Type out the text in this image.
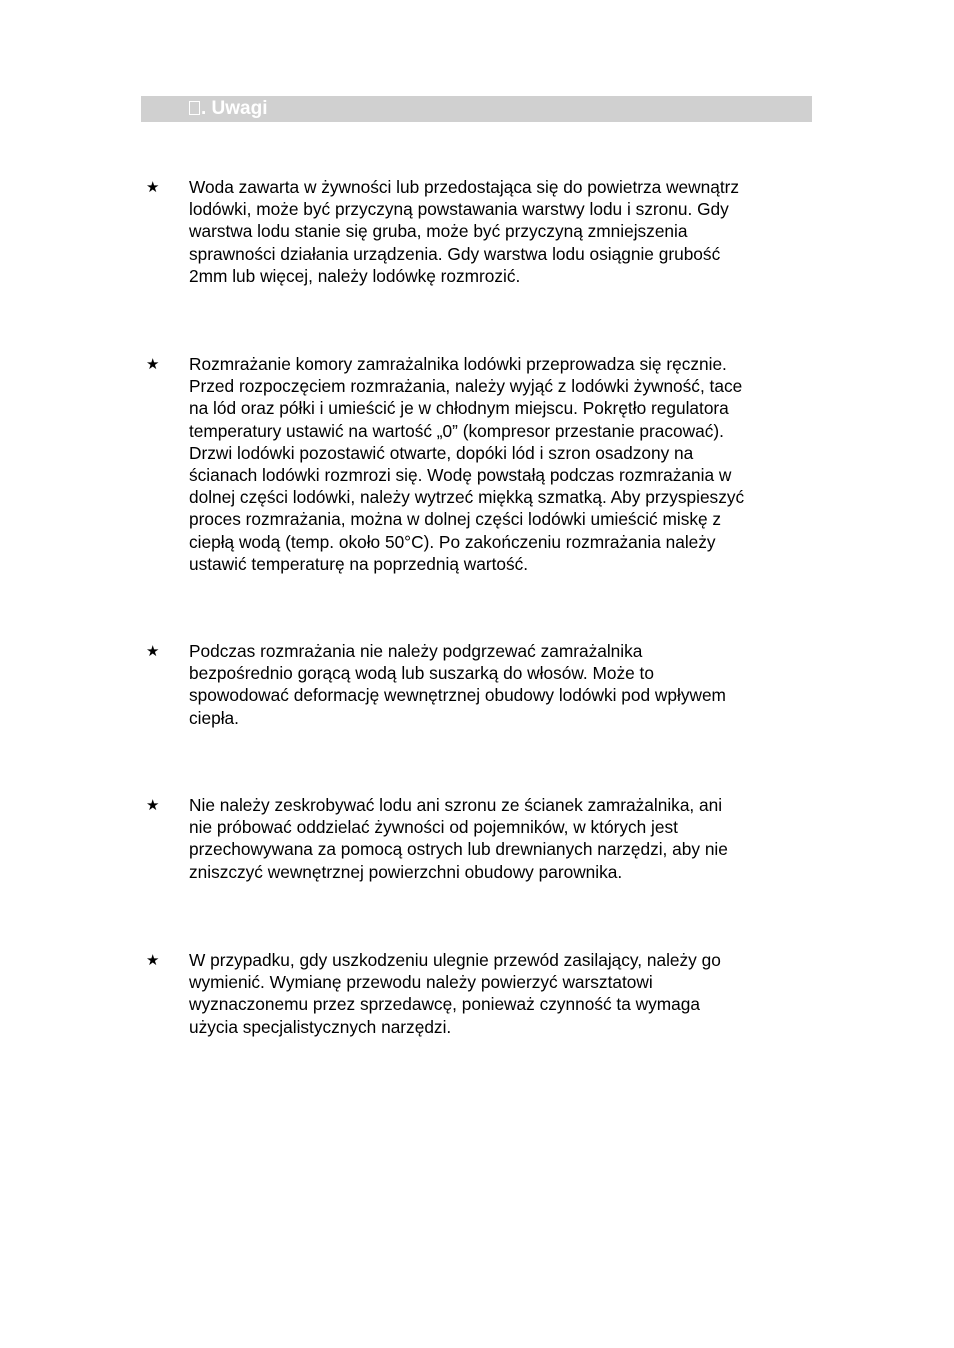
. Uwagi
★ Woda zawarta w żywności lub przedostająca się do powietrza wewnątrz
lodówki, może być przyczyną powstawania warstwy lodu i szronu. Gdy
warstwa lodu stanie się gruba, może być przyczyną zmniejszenia
sprawności działania urządzenia. Gdy warstwa lodu osiągnie grubość
2mm lub więcej, należy lodówkę rozmrozić.
★ Rozmrażanie komory zamrażalnika lodówki przeprowadza się ręcznie.
Przed rozpoczęciem rozmrażania, należy wyjąć z lodówki żywność, tace
na lód oraz półki i umieścić je w chłodnym miejscu. Pokrętło regulatora
temperatury ustawić na wartość „0” (kompresor przestanie pracować).
Drzwi lodówki pozostawić otwarte, dopóki lód i szron osadzony na
ścianach lodówki rozmrozi się. Wodę powstałą podczas rozmrażania w
dolnej części lodówki, należy wytrzeć miękką szmatką. Aby przyspieszyć
proces rozmrażania, można w dolnej części lodówki umieścić miskę z
ciepłą wodą (temp. około 50°C). Po zakończeniu rozmrażania należy
ustawić temperaturę na poprzednią wartość.
★ Podczas rozmrażania nie należy podgrzewać zamrażalnika
bezpośrednio gorącą wodą lub suszarką do włosów. Może to
spowodować deformację wewnętrznej obudowy lodówki pod wpływem
ciepła.
★ Nie należy zeskrobywać lodu ani szronu ze ścianek zamrażalnika, ani
nie próbować oddzielać żywności od pojemników, w których jest
przechowywana za pomocą ostrych lub drewnianych narzędzi, aby nie
zniszczyć wewnętrznej powierzchni obudowy parownika.
★ W przypadku, gdy uszkodzeniu ulegnie przewód zasilający, należy go
wymienić. Wymianę przewodu należy powierzyć warsztatowi
wyznaczonemu przez sprzedawcę, ponieważ czynność ta wymaga
użycia specjalistycznych narzędzi.
